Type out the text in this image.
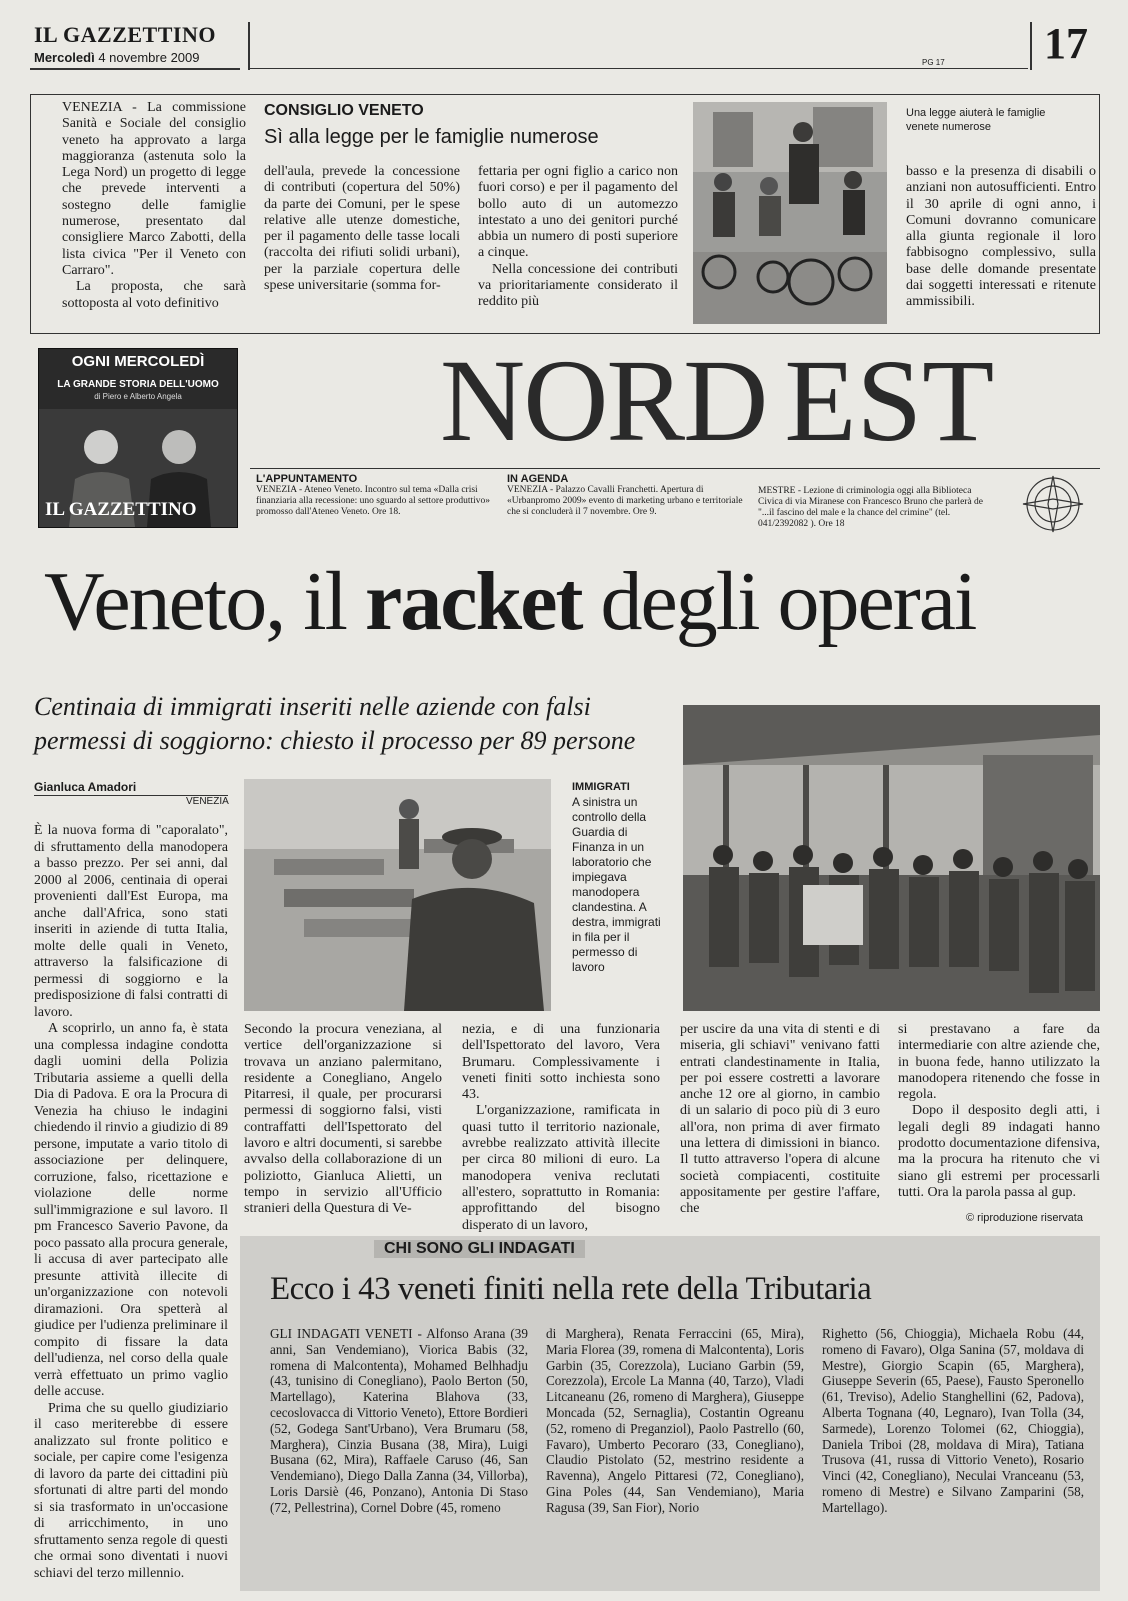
IL GAZZETTINO
Mercoledì 4 novembre 2009	17
PG 17

VENEZIA - La commissione Sanità e Sociale del consiglio veneto ha approvato a larga maggioranza (astenuta solo la Lega Nord) un progetto di legge che prevede interventi a sostegno delle famiglie numerose, presentato dal consigliere Marco Zabotti, della lista civica "Per il Veneto con Carraro".

La proposta, che sarà sottoposta al voto definitivo

CONSIGLIO VENETO
Sì alla legge per le famiglie numerose

dell'aula, prevede la concessione di contributi (copertura del 50%) da parte dei Comuni, per le spese relative alle utenze domestiche, per il pagamento delle tasse locali (raccolta dei rifiuti solidi urbani), per la parziale copertura delle spese universitarie (somma for-

fettaria per ogni figlio a carico non fuori corso) e per il pagamento del bollo auto di un automezzo intestato a uno dei genitori purché abbia un numero di posti superiore a cinque.

Nella concessione dei contributi va prioritariamente considerato il reddito più

Una legge aiuterà le famiglie venete numerose

basso e la presenza di disabili o anziani non autosufficienti. Entro il 30 aprile di ogni anno, i Comuni dovranno comunicare alla giunta regionale il loro fabbisogno complessivo, sulla base delle domande presentate dai soggetti interessati e ritenute ammissibili.

OGNI MERCOLEDÌ
LA GRANDE STORIA DELL'UOMO
di Piero e Alberto Angela
IL GAZZETTINO
NORD EST
L'APPUNTAMENTO
VENEZIA - Ateneo Veneto. Incontro sul tema «Dalla crisi finanziaria alla recessione: uno sguardo al settore produttivo» promosso dall'Ateneo Veneto. Ore 18.
IN AGENDA
VENEZIA - Palazzo Cavalli Franchetti. Apertura di «Urbanpromo 2009» evento di marketing urbano e territoriale che si concluderà il 7 novembre. Ore 9.
MESTRE - Lezione di criminologia oggi alla Biblioteca Civica di via Miranese con Francesco Bruno che parlerà de "...il fascino del male e la chance del crimine" (tel. 041/2392082 ). Ore 18
Veneto, il racket degli operai
Centinaia di immigrati inseriti nelle aziende con falsi permessi di soggiorno: chiesto il processo per 89 persone
Gianluca Amadori
VENEZIA
IMMIGRATI
A sinistra un controllo della Guardia di Finanza in un laboratorio che impiegava manodopera clandestina. A destra, immigrati in fila per il permesso di lavoro

È la nuova forma di "caporalato", di sfruttamento della manodopera a basso prezzo. Per sei anni, dal 2000 al 2006, centinaia di operai provenienti dall'Est Europa, ma anche dall'Africa, sono stati inseriti in aziende di tutta Italia, molte delle quali in Veneto, attraverso la falsificazione di permessi di soggiorno e la predisposizione di falsi contratti di lavoro.

A scoprirlo, un anno fa, è stata una complessa indagine condotta dagli uomini della Polizia Tributaria assieme a quelli della Dia di Padova. E ora la Procura di Venezia ha chiuso le indagini chiedendo il rinvio a giudizio di 89 persone, imputate a vario titolo di associazione per delinquere, corruzione, falso, ricettazione e violazione delle norme sull'immigrazione e sul lavoro. Il pm Francesco Saverio Pavone, da poco passato alla procura generale, li accusa di aver partecipato alle presunte attività illecite di un'organizzazione con notevoli diramazioni. Ora spetterà al giudice per l'udienza preliminare il compito di fissare la data dell'udienza, nel corso della quale verrà effettuato un primo vaglio delle accuse.

Prima che su quello giudiziario il caso meriterebbe di essere analizzato sul fronte politico e sociale, per capire come l'esigenza di lavoro da parte dei cittadini più sfortunati di altre parti del mondo si sia trasformato in un'occasione di arricchimento, in uno sfruttamento senza regole di questi che ormai sono diventati i nuovi schiavi del terzo millennio.

Secondo la procura veneziana, al vertice dell'organizzazione si trovava un anziano palermitano, residente a Conegliano, Angelo Pitarresi, il quale, per procurarsi permessi di soggiorno falsi, visti contraffatti dell'Ispettorato del lavoro e altri documenti, si sarebbe avvalso della collaborazione di un poliziotto, Gianluca Alietti, un tempo in servizio all'Ufficio stranieri della Questura di Ve-

nezia, e di una funzionaria dell'Ispettorato del lavoro, Vera Brumaru. Complessivamente i veneti finiti sotto inchiesta sono 43.

L'organizzazione, ramificata in quasi tutto il territorio nazionale, avrebbe realizzato attività illecite per circa 80 milioni di euro. La manodopera veniva reclutati all'estero, soprattutto in Romania: approfittando del bisogno disperato di un lavoro,

per uscire da una vita di stenti e di miseria, gli schiavi" venivano fatti entrati clandestinamente in Italia, per poi essere costretti a lavorare anche 12 ore al giorno, in cambio di un salario di poco più di 3 euro all'ora, non prima di aver firmato una lettera di dimissioni in bianco. Il tutto attraverso l'opera di alcune società compiacenti, costituite appositamente per gestire l'affare, che

si prestavano a fare da intermediarie con altre aziende che, in buona fede, hanno utilizzato la manodopera ritenendo che fosse in regola.

Dopo il desposito degli atti, i legali degli 89 indagati hanno prodotto documentazione difensiva, ma la procura ha ritenuto che vi siano gli estremi per processarli tutti. Ora la parola passa al gup.

© riproduzione riservata
CHI SONO GLI INDAGATI
Ecco i 43 veneti finiti nella rete della Tributaria

GLI INDAGATI VENETI - Alfonso Arana (39 anni, San Vendemiano), Viorica Babis (32, romena di Malcontenta), Mohamed Belhhadju (43, tunisino di Conegliano), Paolo Berton (50, Martellago), Katerina Blahova (33, cecoslovacca di Vittorio Veneto), Ettore Bordieri (52, Godega Sant'Urbano), Vera Brumaru (58, Marghera), Cinzia Busana (38, Mira), Luigi Busana (62, Mira), Raffaele Caruso (46, San Vendemiano), Diego Dalla Zanna (34, Villorba), Loris Darsiè (46, Ponzano), Antonia Di Staso (72, Pellestrina), Cornel Dobre (45, romeno

di Marghera), Renata Ferraccini (65, Mira), Maria Florea (39, romena di Malcontenta), Loris Garbin (35, Corezzola), Luciano Garbin (59, Corezzola), Ercole La Manna (40, Tarzo), Vladi Litcaneanu (26, romeno di Marghera), Giuseppe Moncada (52, Sernaglia), Costantin Ogreanu (52, romeno di Preganziol), Paolo Pastrello (60, Favaro), Umberto Pecoraro (33, Conegliano), Claudio Pistolato (52, mestrino residente a Ravenna), Angelo Pittaresi (72, Conegliano), Gina Poles (44, San Vendemiano), Maria Ragusa (39, San Fior), Norio

Righetto (56, Chioggia), Michaela Robu (44, romeno di Favaro), Olga Sanina (57, moldava di Mestre), Giorgio Scapin (65, Marghera), Giuseppe Severin (65, Paese), Fausto Speronello (61, Treviso), Adelio Stanghellini (62, Padova), Alberta Tognana (40, Legnaro), Ivan Tolla (34, Sarmede), Lorenzo Tolomei (62, Chioggia), Daniela Triboi (28, moldava di Mira), Tatiana Trusova (41, russa di Vittorio Veneto), Rosario Vinci (42, Conegliano), Neculai Vranceanu (53, romeno di Mestre) e Silvano Zamparini (58, Martellago).
